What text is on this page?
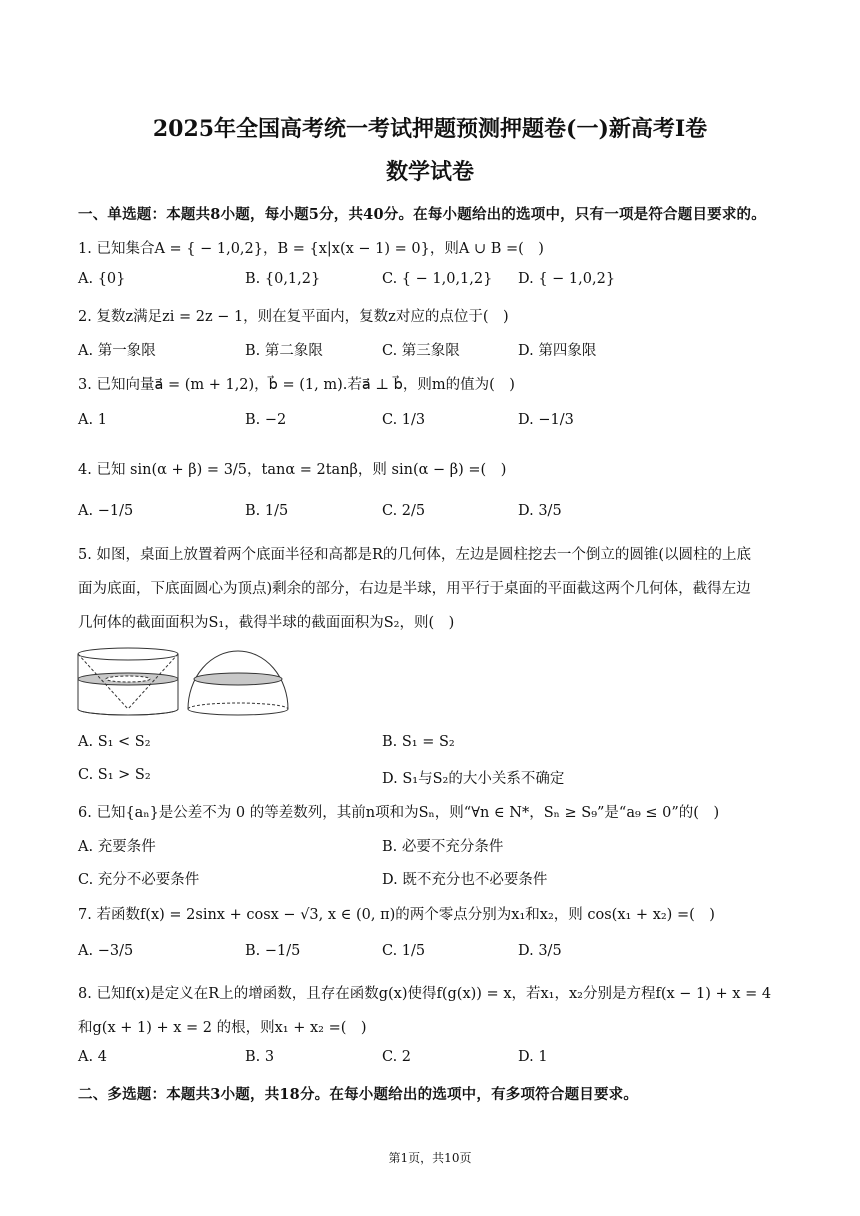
2025年全国高考统一考试押题预测押题卷(一)新高考Ⅰ卷
数学试卷
一、单选题：本题共8小题，每小题5分，共40分。在每小题给出的选项中，只有一项是符合题目要求的。
1. 已知集合A = { − 1,0,2}，B = {x|x(x − 1) = 0}，则A ∪ B =(　)
A. {0}	B. {0,1,2}	C. { − 1,0,1,2} D. { − 1,0,2}
2. 复数z满足zi = 2z − 1，则在复平面内，复数z对应的点位于(　)
A. 第一象限	B. 第二象限	C. 第三象限	D. 第四象限
3. 已知向量a⃗ = (m + 1,2)，b⃗ = (1, m).若a⃗ ⊥ b⃗，则m的值为(　)
A. 1	B. −2	C. 1/3	D. −1/3
4. 已知 sin(α + β) = 3/5，tanα = 2tanβ，则 sin(α − β) =(　)
A. −1/5	B. 1/5	C. 2/5	D. 3/5
5. 如图，桌面上放置着两个底面半径和高都是R的几何体，左边是圆柱挖去一个倒立的圆锥(以圆柱的上底
面为底面，下底面圆心为顶点)剩余的部分，右边是半球，用平行于桌面的平面截这两个几何体，截得左边
几何体的截面面积为S₁，截得半球的截面面积为S₂，则(　)
A. S₁ < S₂	B. S₁ = S₂
C. S₁ > S₂	D. S₁与S₂的大小关系不确定
6. 已知{aₙ}是公差不为 0 的等差数列，其前n项和为Sₙ，则“∀n ∈ N*，Sₙ ≥ S₉”是“a₉ ≤ 0”的(　)
A. 充要条件	B. 必要不充分条件
C. 充分不必要条件	D. 既不充分也不必要条件
7. 若函数f(x) = 2sinx + cosx − √3, x ∈ (0, π)的两个零点分别为x₁和x₂，则 cos(x₁ + x₂) =(　)
A. −3/5	B. −1/5	C. 1/5	D. 3/5
8. 已知f(x)是定义在R上的增函数，且存在函数g(x)使得f(g(x)) = x，若x₁，x₂分别是方程f(x − 1) + x = 4
和g(x + 1) + x = 2 的根，则x₁ + x₂ =(　)
A. 4	B. 3	C. 2	D. 1
二、多选题：本题共3小题，共18分。在每小题给出的选项中，有多项符合题目要求。
第1页，共10页
